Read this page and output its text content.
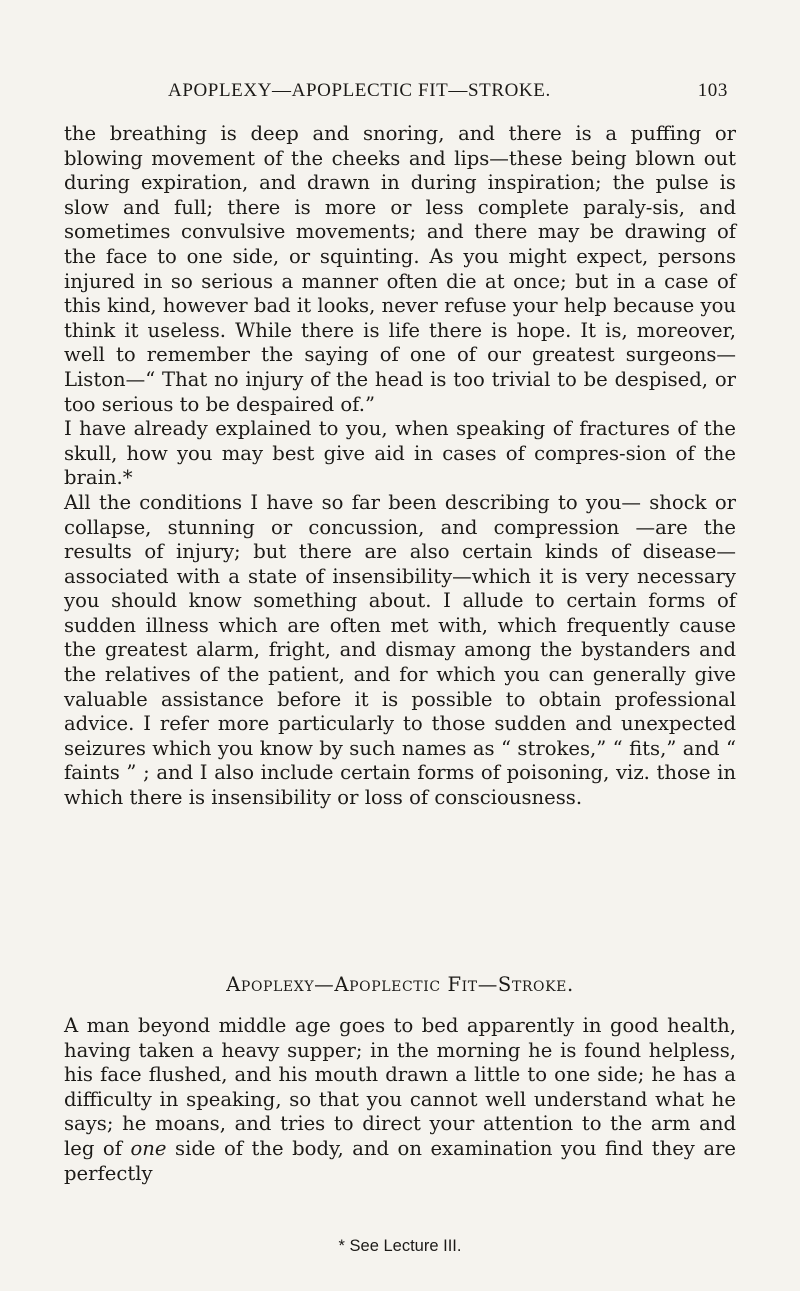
APOPLEXY—APOPLECTIC FIT—STROKE.	103

the breathing is deep and snoring, and there is a puffing or blowing movement of the cheeks and lips—these being blown out during expiration, and drawn in during inspiration; the pulse is slow and full; there is more or less complete paraly-sis, and sometimes convulsive movements; and there may be drawing of the face to one side, or squinting. As you might expect, persons injured in so serious a manner often die at once; but in a case of this kind, however bad it looks, never refuse your help because you think it useless. While there is life there is hope. It is, moreover, well to remember the saying of one of our greatest surgeons—Liston—“ That no injury of the head is too trivial to be despised, or too serious to be despaired of.”

I have already explained to you, when speaking of fractures of the skull, how you may best give aid in cases of compres-sion of the brain.*

All the conditions I have so far been describing to you— shock or collapse, stunning or concussion, and compression —are the results of injury; but there are also certain kinds of disease—associated with a state of insensibility—which it is very necessary you should know something about. I allude to certain forms of sudden illness which are often met with, which frequently cause the greatest alarm, fright, and dismay among the bystanders and the relatives of the patient, and for which you can generally give valuable assistance before it is possible to obtain professional advice. I refer more particularly to those sudden and unexpected seizures which you know by such names as “ strokes,” “ fits,” and “ faints ” ; and I also include certain forms of poisoning, viz. those in which there is insensibility or loss of consciousness.

Apoplexy—Apoplectic Fit—Stroke.

A man beyond middle age goes to bed apparently in good health, having taken a heavy supper; in the morning he is found helpless, his face flushed, and his mouth drawn a little to one side; he has a difficulty in speaking, so that you cannot well understand what he says; he moans, and tries to direct your attention to the arm and leg of one side of the body, and on examination you find they are perfectly

* See Lecture III.
